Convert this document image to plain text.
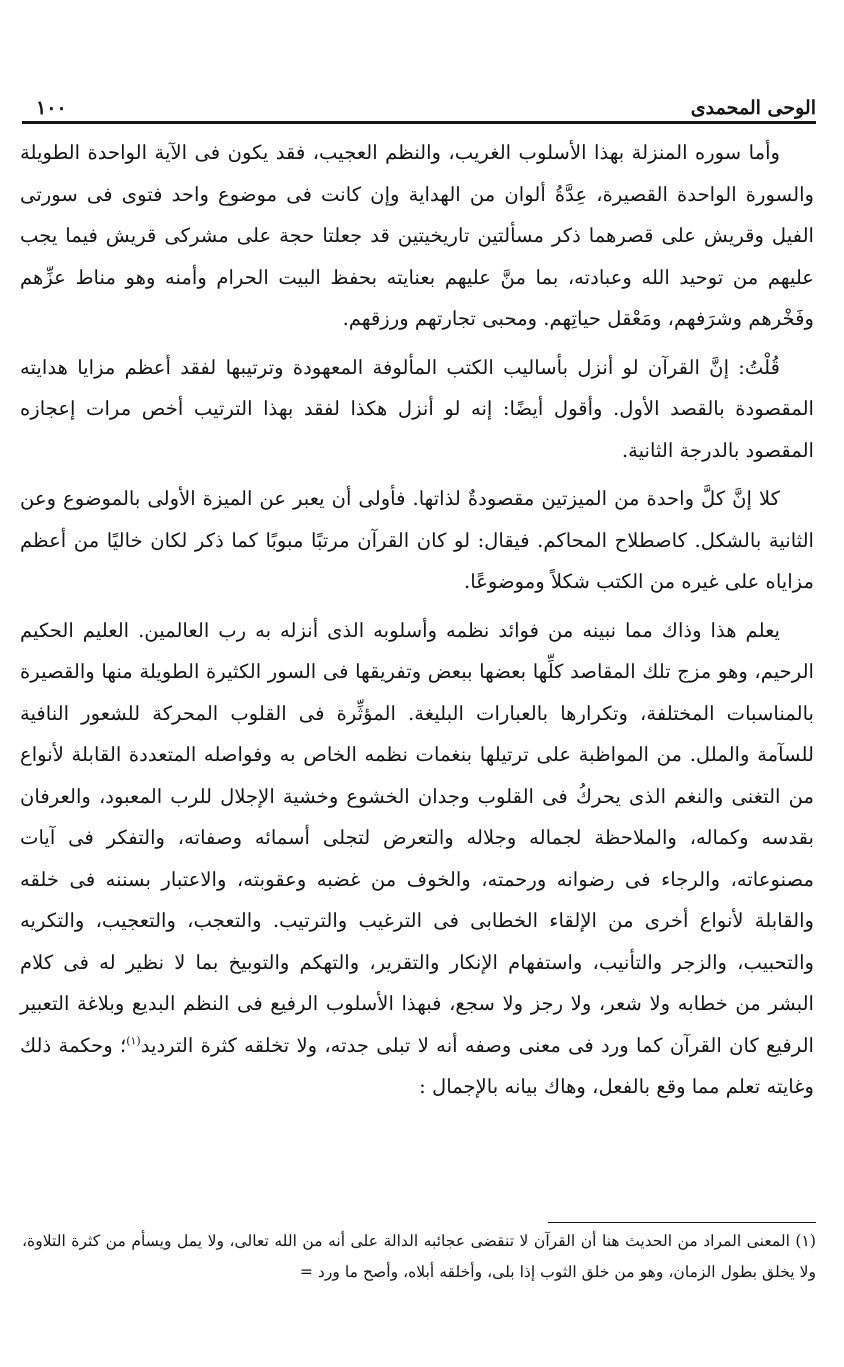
الوحى المحمدى
١٠٠

وأما سوره المنزلة بهذا الأسلوب الغريب، والنظم العجيب، فقد يكون فى الآية الواحدة الطويلة والسورة الواحدة القصيرة، عِدَّةُ ألوان من الهداية وإن كانت فى موضوع واحد فتوى فى سورتى الفيل وقريش على قصرهما ذكر مسألتين تاريخيتين قد جعلتا حجة على مشركى قريش فيما يجب عليهم من توحيد الله وعبادته، بما منَّ عليهم بعنايته بحفظ البيت الحرام وأمنه وهو مناط عزِّهم وفَخْرهم وشرَفهم، ومَعْقل حياتِهم. ومحبى تجارتهم ورزقهم.

قُلْتُ: إنَّ القرآن لو أنزل بأساليب الكتب المألوفة المعهودة وترتيبها لفقد أعظم مزايا هدايته المقصودة بالقصد الأول. وأقول أيضًا: إنه لو أنزل هكذا لفقد بهذا الترتيب أخص مرات إعجازه المقصود بالدرجة الثانية.

كلا إنَّ كلَّ واحدة من الميزتين مقصودةٌ لذاتها. فأولى أن يعبر عن الميزة الأولى بالموضوع وعن الثانية بالشكل. كاصطلاح المحاكم. فيقال: لو كان القرآن مرتبًا مبوبًا كما ذكر لكان خاليًا من أعظم مزاياه على غيره من الكتب شكلاً وموضوعًا.

يعلم هذا وذاك مما نبينه من فوائد نظمه وأسلوبه الذى أنزله به رب العالمين. العليم الحكيم الرحيم، وهو مزج تلك المقاصد كلِّها بعضها ببعض وتفريقها فى السور الكثيرة الطويلة منها والقصيرة بالمناسبات المختلفة، وتكرارها بالعبارات البليغة. المؤثِّرة فى القلوب المحركة للشعور النافية للسآمة والملل. من المواظبة على ترتيلها بنغمات نظمه الخاص به وفواصله المتعددة القابلة لأنواع من التغنى والنغم الذى يحركُ فى القلوب وجدان الخشوع وخشية الإجلال للرب المعبود، والعرفان بقدسه وكماله، والملاحظة لجماله وجلاله والتعرض لتجلى أسمائه وصفاته، والتفكر فى آيات مصنوعاته، والرجاء فى رضوانه ورحمته، والخوف من غضبه وعقوبته، والاعتبار بسننه فى خلقه والقابلة لأنواع أخرى من الإلقاء الخطابى فى الترغيب والترتيب. والتعجب، والتعجيب، والتكريه والتحبيب، والزجر والتأنيب، واستفهام الإنكار والتقرير، والتهكم والتوبيخ بما لا نظير له فى كلام البشر من خطابه ولا شعر، ولا رجز ولا سجع، فبهذا الأسلوب الرفيع فى النظم البديع وبلاغة التعبير الرفيع كان القرآن كما ورد فى معنى وصفه أنه لا تبلى جدته، ولا تخلقه كثرة الترديد$^{(١)}$؛ وحكمة ذلك وغايته تعلم مما وقع بالفعل، وهاك بيانه بالإجمال :

(١) المعنى المراد من الحديث هنا أن القرآن لا تنقضى عجائبه الدالة على أنه من الله تعالى، ولا يمل ويسأم من كثرة التلاوة، ولا يخلق بطول الزمان، وهو من خلق الثوب إذا بلى، وأخلقه أبلاه، وأصح ما ورد =
